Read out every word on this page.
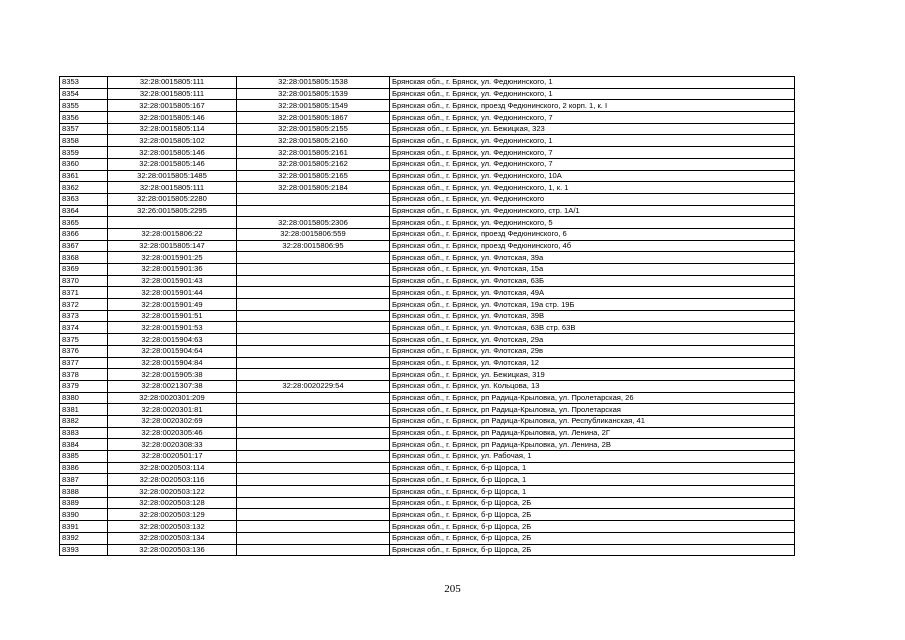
8353	32:28:0015805:111	32:28:0015805:1538	Брянская обл., г. Брянск, ул. Федюнинского, 1
8354	32:28:0015805:111	32:28:0015805:1539	Брянская обл., г. Брянск, ул. Федюнинского, 1
8355	32:28:0015805:167	32:28:0015805:1549	Брянская обл., г. Брянск, проезд Федюнинского, 2 корп. 1, к. I
8356	32:28:0015805:146	32:28:0015805:1867	Брянская обл., г. Брянск, ул. Федюнинского, 7
8357	32:28:0015805:114	32:28:0015805:2155	Брянская обл., г. Брянск, ул. Бежицкая, 323
8358	32:28:0015805:102	32:28:0015805:2160	Брянская обл., г. Брянск, ул. Федюнинского, 1
8359	32:28:0015805:146	32:28:0015805:2161	Брянская обл., г. Брянск, ул. Федюнинского, 7
8360	32:28:0015805:146	32:28:0015805:2162	Брянская обл., г. Брянск, ул. Федюнинского, 7
8361	32:28:0015805:1485	32:28:0015805:2165	Брянская обл., г. Брянск, ул. Федюнинского, 10А
8362	32:28:0015805:111	32:28:0015805:2184	Брянская обл., г. Брянск, ул. Федюнинского, 1, к. 1
8363	32:28:0015805:2280		Брянская обл., г. Брянск, ул. Федюнинского
8364	32:26:0015805:2295		Брянская обл., г. Брянск, ул. Федюнинского, стр. 1А/1
8365		32:28:0015805:2306	Брянская обл., г. Брянск, ул. Федюнинского, 5
8366	32:28:0015806:22	32:28:0015806:559	Брянская обл., г. Брянск, проезд Федюнинского, 6
8367	32:28:0015805:147	32:28:0015806:95	Брянская обл., г. Брянск, проезд Федюнинского, 4б
8368	32:28:0015901:25		Брянская обл., г. Брянск, ул. Флотская, 39а
8369	32:28:0015901:36		Брянская обл., г. Брянск, ул. Флотская, 15а
8370	32:28:0015901:43		Брянская обл., г. Брянск, ул. Флотская, 63Б
8371	32:28:0015901:44		Брянская обл., г. Брянск, ул. Флотская, 49А
8372	32:28:0015901:49		Брянская обл., г. Брянск, ул. Флотская, 19а стр. 19Б
8373	32:28:0015901:51		Брянская обл., г. Брянск, ул. Флотская, 39В
8374	32:28:0015901:53		Брянская обл., г. Брянск, ул. Флотская, 63В стр. 63В
8375	32:28:0015904:63		Брянская обл., г. Брянск, ул. Флотская, 29а
8376	32:28:0015904:64		Брянская обл., г. Брянск, ул. Флотская, 29в
8377	32:28:0015904:84		Брянская обл., г. Брянск, ул. Флотская, 12
8378	32:28:0015905:38		Брянская обл., г. Брянск, ул. Бежицкая, 319
8379	32:28:0021307:38	32:28:0020229:54	Брянская обл., г. Брянск, ул. Кольцова, 13
8380	32:28:0020301:209		Брянская обл., г. Брянск, рп Радица-Крыловка, ул. Пролетарская, 26
8381	32:28:0020301:81		Брянская обл., г. Брянск, рп Радица-Крыловка, ул. Пролетарская
8382	32:28:0020302:69		Брянская обл., г. Брянск, рп Радица-Крыловка, ул. Республиканская, 41
8383	32:28:0020305:46		Брянская обл., г. Брянск, рп Радица-Крыловка, ул. Ленина, 2Г
8384	32:28:0020308:33		Брянская обл., г. Брянск, рп Радица-Крыловка, ул. Ленина, 2В
8385	32:28:0020501:17		Брянская обл., г. Брянск, ул. Рабочая, 1
8386	32:28:0020503:114		Брянская обл., г. Брянск, б-р Щорса, 1
8387	32:28:0020503:116		Брянская обл., г. Брянск, б-р Щорса, 1
8388	32:28:0020503:122		Брянская обл., г. Брянск, б-р Щорса, 1
8389	32:28:0020503:128		Брянская обл., г. Брянск, б-р Щорса, 2Б
8390	32:28:0020503:129		Брянская обл., г. Брянск, б-р Щорса, 2Б
8391	32:28:0020503:132		Брянская обл., г. Брянск, б-р Щорса, 2Б
8392	32:28:0020503:134		Брянская обл., г. Брянск, б-р Щорса, 2Б
8393	32:28:0020503:136		Брянская обл., г. Брянск, б-р Щорса, 2Б
205
